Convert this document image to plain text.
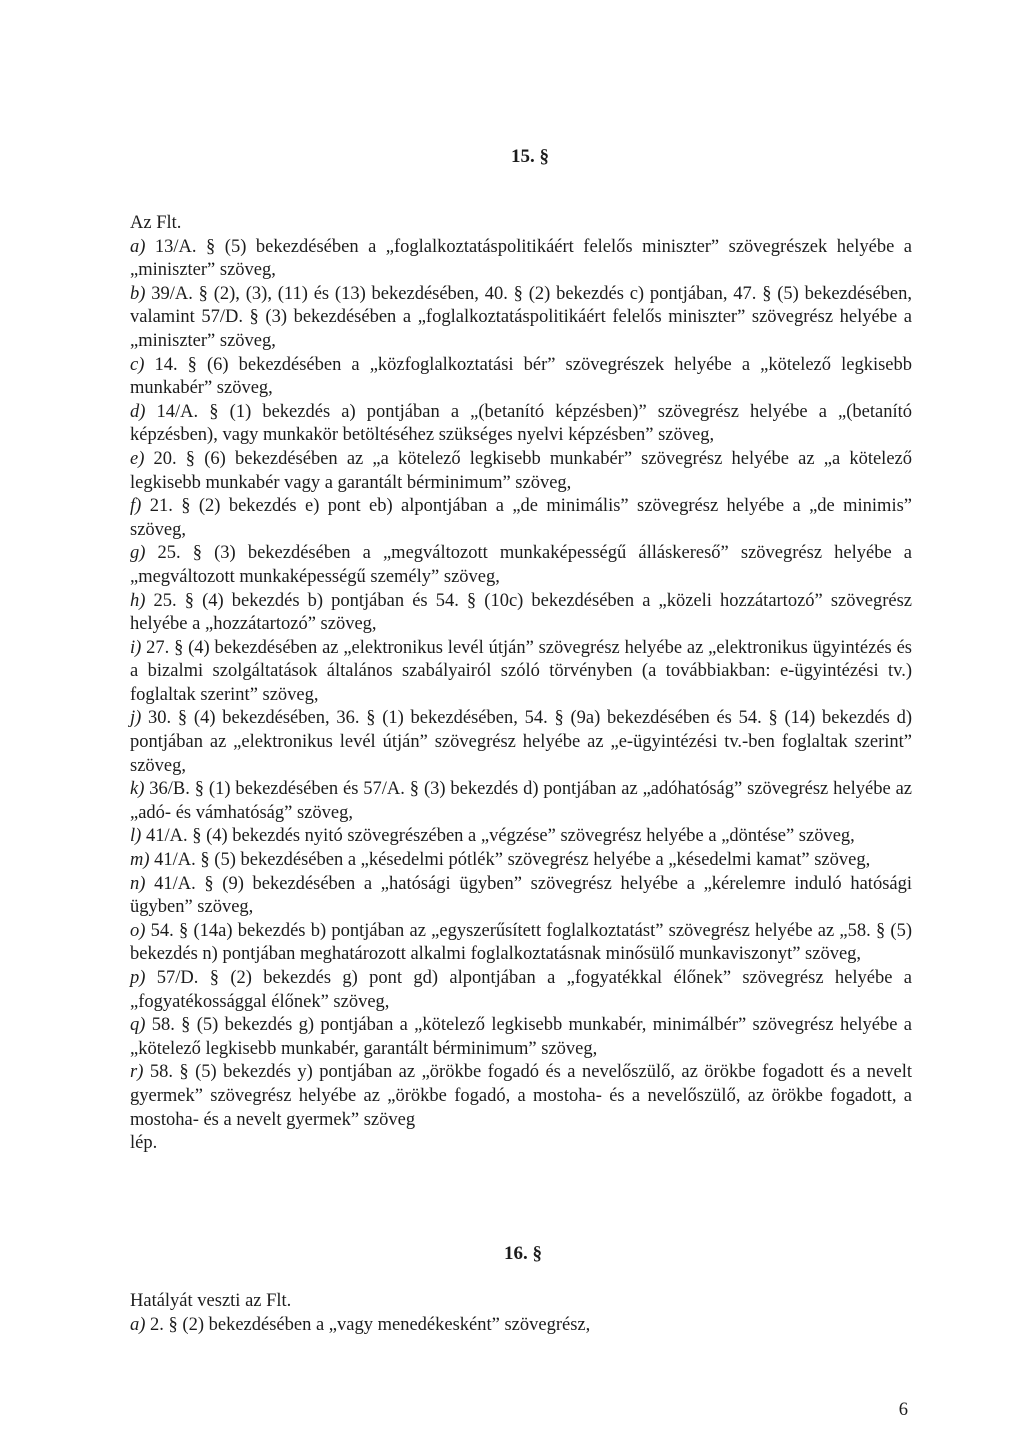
15. §

Az Flt.

a) 13/A. § (5) bekezdésében a „foglalkoztatáspolitikáért felelős miniszter” szövegrészek helyébe a „miniszter” szöveg,

b) 39/A. § (2), (3), (11) és (13) bekezdésében, 40. § (2) bekezdés c) pontjában, 47. § (5) bekezdésében, valamint 57/D. § (3) bekezdésében a „foglalkoztatáspolitikáért felelős miniszter” szövegrész helyébe a „miniszter” szöveg,

c) 14. § (6) bekezdésében a „közfoglalkoztatási bér” szövegrészek helyébe a „kötelező legkisebb munkabér” szöveg,

d) 14/A. § (1) bekezdés a) pontjában a „(betanító képzésben)” szövegrész helyébe a „(betanító képzésben), vagy munkakör betöltéséhez szükséges nyelvi képzésben” szöveg,

e) 20. § (6) bekezdésében az „a kötelező legkisebb munkabér” szövegrész helyébe az „a kötelező legkisebb munkabér vagy a garantált bérminimum” szöveg,

f) 21. § (2) bekezdés e) pont eb) alpontjában a „de minimális” szövegrész helyébe a „de minimis” szöveg,

g) 25. § (3) bekezdésében a „megváltozott munkaképességű álláskereső” szövegrész helyébe a „megváltozott munkaképességű személy” szöveg,

h) 25. § (4) bekezdés b) pontjában és 54. § (10c) bekezdésében a „közeli hozzátartozó” szövegrész helyébe a „hozzátartozó” szöveg,

i) 27. § (4) bekezdésében az „elektronikus levél útján” szövegrész helyébe az „elektronikus ügyintézés és a bizalmi szolgáltatások általános szabályairól szóló törvényben (a továbbiakban: e-ügyintézési tv.) foglaltak szerint” szöveg,

j) 30. § (4) bekezdésében, 36. § (1) bekezdésében, 54. § (9a) bekezdésében és 54. § (14) bekezdés d) pontjában az „elektronikus levél útján” szövegrész helyébe az „e-ügyintézési tv.-ben foglaltak szerint” szöveg,

k) 36/B. § (1) bekezdésében és 57/A. § (3) bekezdés d) pontjában az „adóhatóság” szövegrész helyébe az „adó- és vámhatóság” szöveg,

l) 41/A. § (4) bekezdés nyitó szövegrészében a „végzése” szövegrész helyébe a „döntése” szöveg,

m) 41/A. § (5) bekezdésében a „késedelmi pótlék” szövegrész helyébe a „késedelmi kamat” szöveg,

n) 41/A. § (9) bekezdésében a „hatósági ügyben” szövegrész helyébe a „kérelemre induló hatósági ügyben” szöveg,

o) 54. § (14a) bekezdés b) pontjában az „egyszerűsített foglalkoztatást” szövegrész helyébe az „58. § (5) bekezdés n) pontjában meghatározott alkalmi foglalkoztatásnak minősülő munkaviszonyt” szöveg,

p) 57/D. § (2) bekezdés g) pont gd) alpontjában a „fogyatékkal élőnek” szövegrész helyébe a „fogyatékossággal élőnek” szöveg,

q) 58. § (5) bekezdés g) pontjában a „kötelező legkisebb munkabér, minimálbér” szövegrész helyébe a „kötelező legkisebb munkabér, garantált bérminimum” szöveg,

r) 58. § (5) bekezdés y) pontjában az „örökbe fogadó és a nevelőszülő, az örökbe fogadott és a nevelt gyermek” szövegrész helyébe az „örökbe fogadó, a mostoha- és a nevelőszülő, az örökbe fogadott, a mostoha- és a nevelt gyermek” szöveg

lép.

16. §

Hatályát veszti az Flt.

a) 2. § (2) bekezdésében a „vagy menedékesként” szövegrész,

6
